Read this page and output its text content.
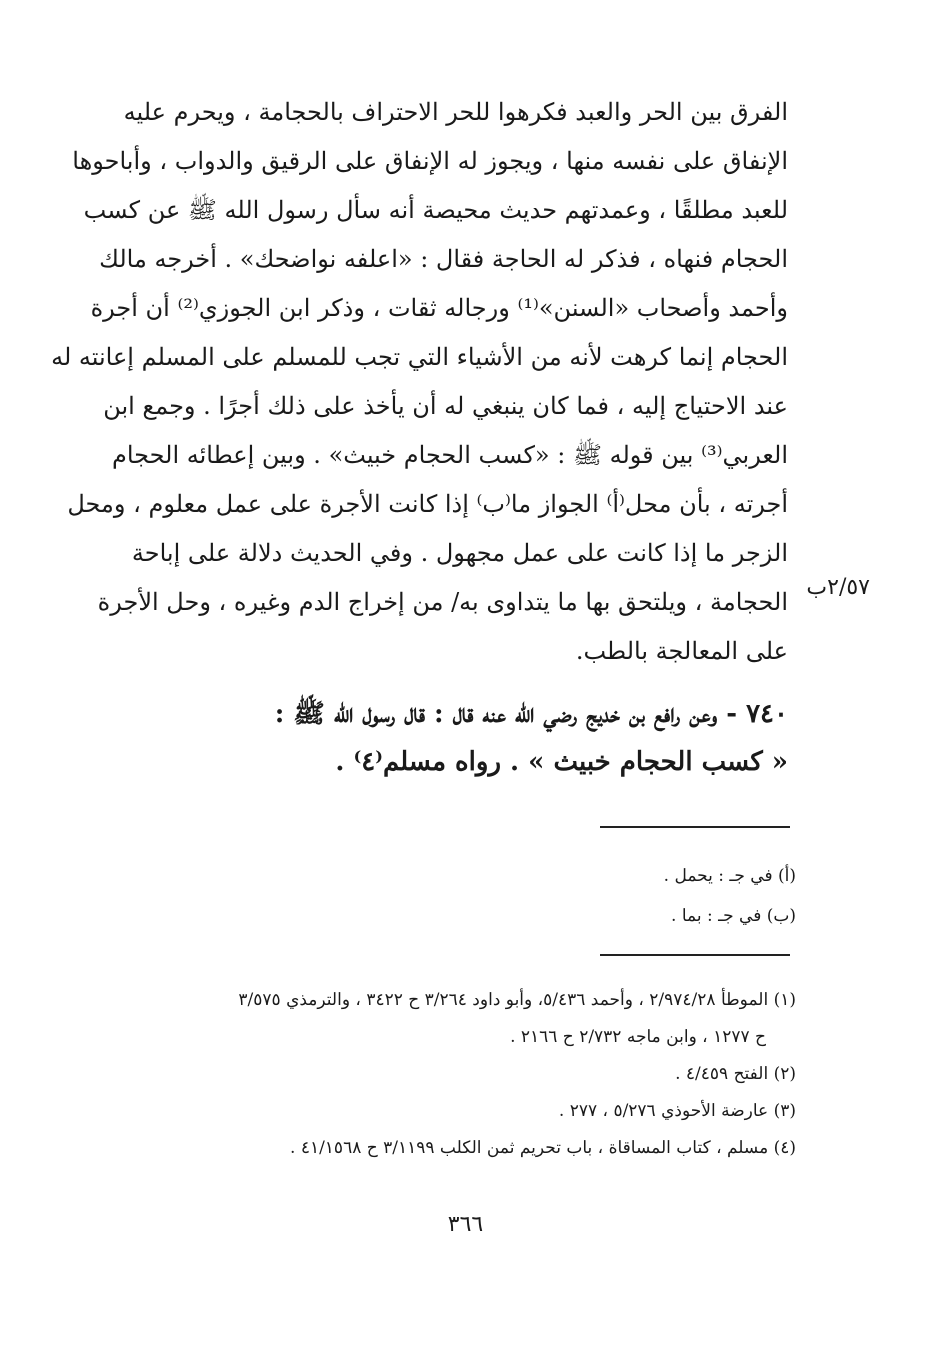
الفرق بين الحر والعبد فكرهوا للحر الاحتراف بالحجامة ، ويحرم عليه
الإنفاق على نفسه منها ، ويجوز له الإنفاق على الرقيق والدواب ، وأباحوها
للعبد مطلقًا ، وعمدتهم حديث محيصة أنه سأل رسول الله ﷺ عن كسب
الحجام فنهاه ، فذكر له الحاجة فقال : «اعلفه نواضحك» . أخرجه مالك
وأحمد وأصحاب «السنن»⁽¹⁾ ورجاله ثقات ، وذكر ابن الجوزي⁽²⁾ أن أجرة
الحجام إنما كرهت لأنه من الأشياء التي تجب للمسلم على المسلم إعانته له
عند الاحتياج إليه ، فما كان ينبغي له أن يأخذ على ذلك أجرًا . وجمع ابن
العربي⁽³⁾ بين قوله ﷺ : «كسب الحجام خبيث» . وبين إعطائه الحجام
أجرته ، بأن محل⁽أ⁾ الجواز ما⁽ب⁾ إذا كانت الأجرة على عمل معلوم ، ومحل
الزجر ما إذا كانت على عمل مجهول . وفي الحديث دلالة على إباحة
الحجامة ، ويلتحق بها ما يتداوى به/ من إخراج الدم وغيره ، وحل الأجرة
على المعالجة بالطب.
٢/٥٧ب
٧٤٠ - وعن رافع بن خديج رضي الله عنه قال : قال رسول الله ﷺ :
« كسب الحجام خبيث » . رواه مسلم⁽٤⁾ .
(أ) في جـ : يحمل .
(ب) في جـ : بما .
(١) الموطأ ٢/٩٧٤/٢٨ ، وأحمد ٥/٤٣٦، وأبو داود ٣/٢٦٤ ح ٣٤٢٢ ، والترمذي ٣/٥٧٥
ح ١٢٧٧ ، وابن ماجه ٢/٧٣٢ ح ٢١٦٦ .
(٢) الفتح ٤/٤٥٩ .
(٣) عارضة الأحوذي ٥/٢٧٦ ، ٢٧٧ .
(٤) مسلم ، كتاب المساقاة ، باب تحريم ثمن الكلب ٣/١١٩٩ ح ٤١/١٥٦٨ .
٣٦٦
